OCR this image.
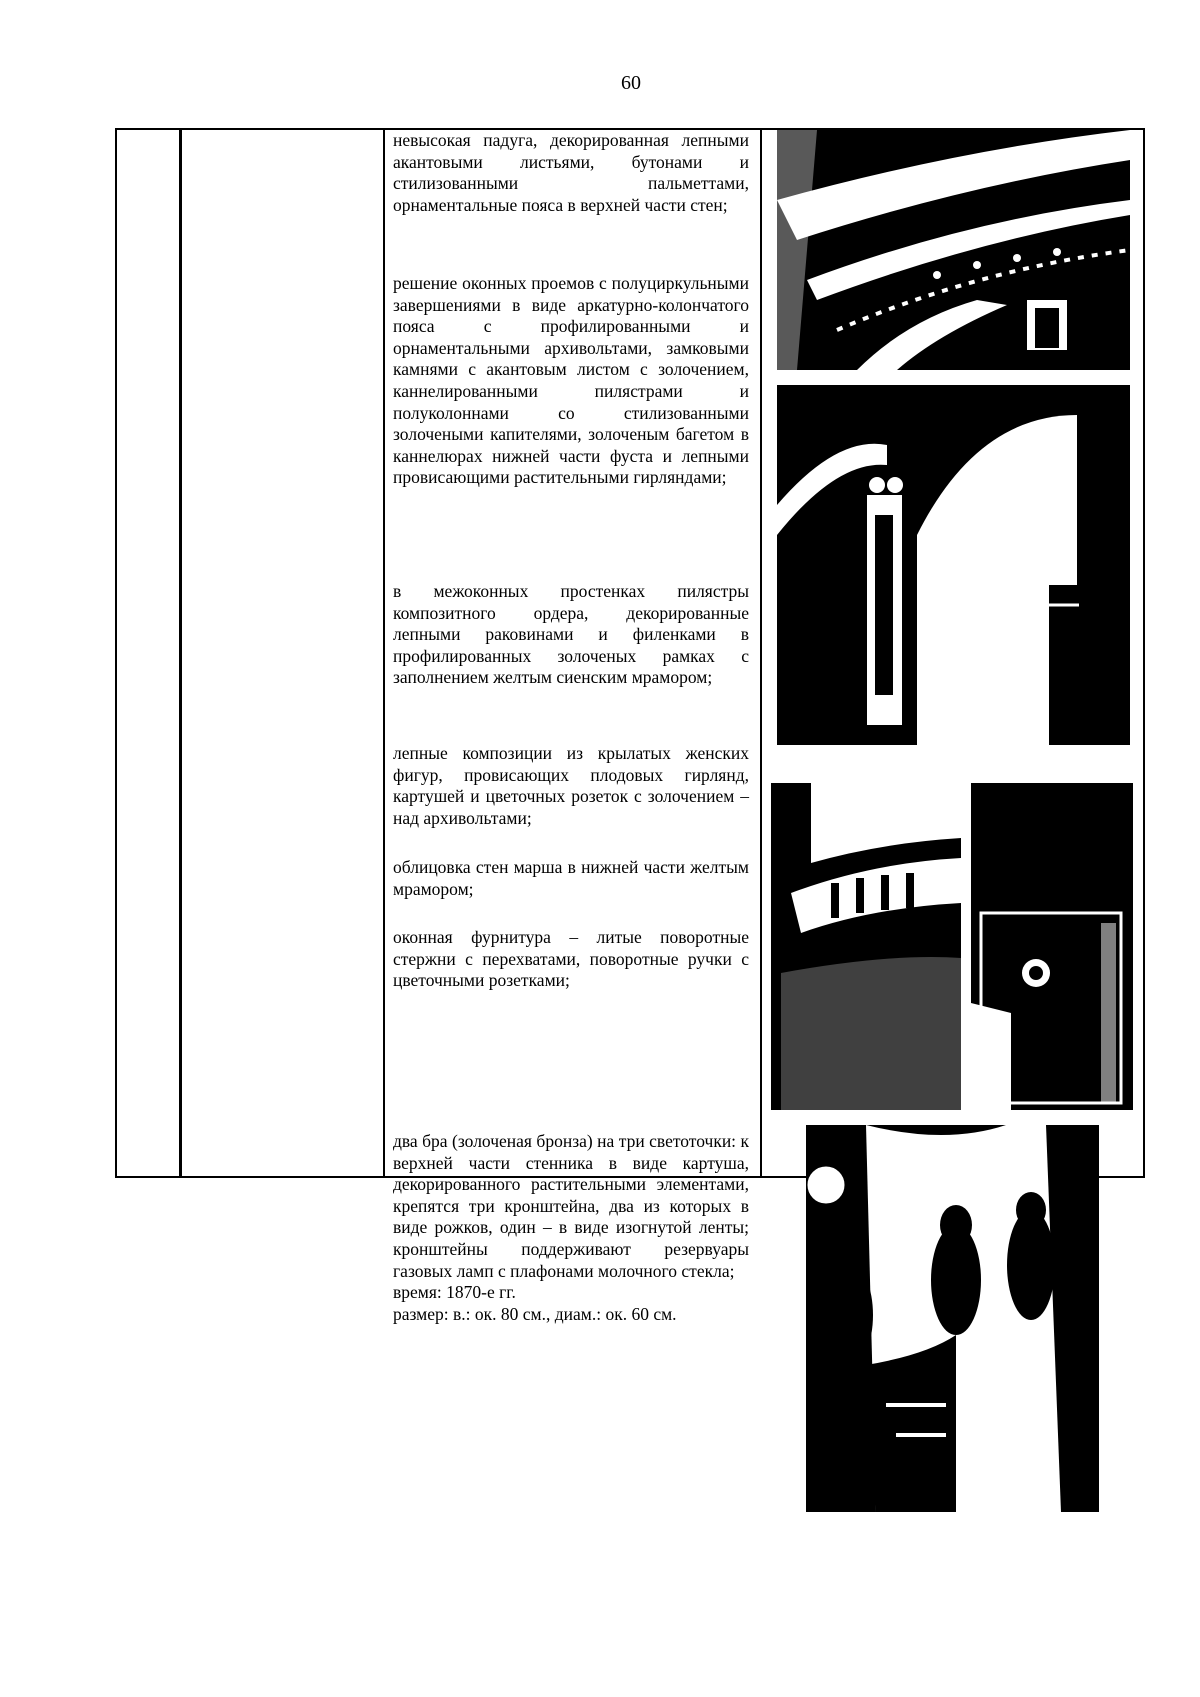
60

невысокая падуга, декорированная лепными акантовыми листьями, бутонами и стилизованными пальметтами, орнаментальные пояса в верхней части стен;

решение оконных проемов с полуциркульными завершениями в виде аркатурно-колончатого пояса с профилированными и орнаментальными архивольтами, замковыми камнями с акантовым листом с золочением, каннелированными пилястрами и полуколоннами со стилизованными золочеными капителями, золоченым багетом в каннелюрах нижней части фуста и лепными провисающими растительными гирляндами;

в межоконных простенках пилястры композитного ордера, декорированные лепными раковинами и филенками в профилированных золоченых рамках с заполнением желтым сиенским мрамором;

лепные композиции из крылатых женских фигур, провисающих плодовых гирлянд, картушей и цветочных розеток с золочением – над архивольтами;

облицовка стен марша в нижней части желтым мрамором;

оконная фурнитура – литые поворотные стержни с перехватами, поворотные ручки с цветочными розетками;

два бра (золоченая бронза) на три светоточки: к верхней части стенника в виде картуша, декорированного растительными элементами, крепятся три кронштейна, два из которых в виде рожков, один – в виде изогнутой ленты; кронштейны поддерживают резервуары газовых ламп с плафонами молочного стекла;

время: 1870-е гг.

размер: в.: ок. 80 см., диам.: ок. 60 см.
